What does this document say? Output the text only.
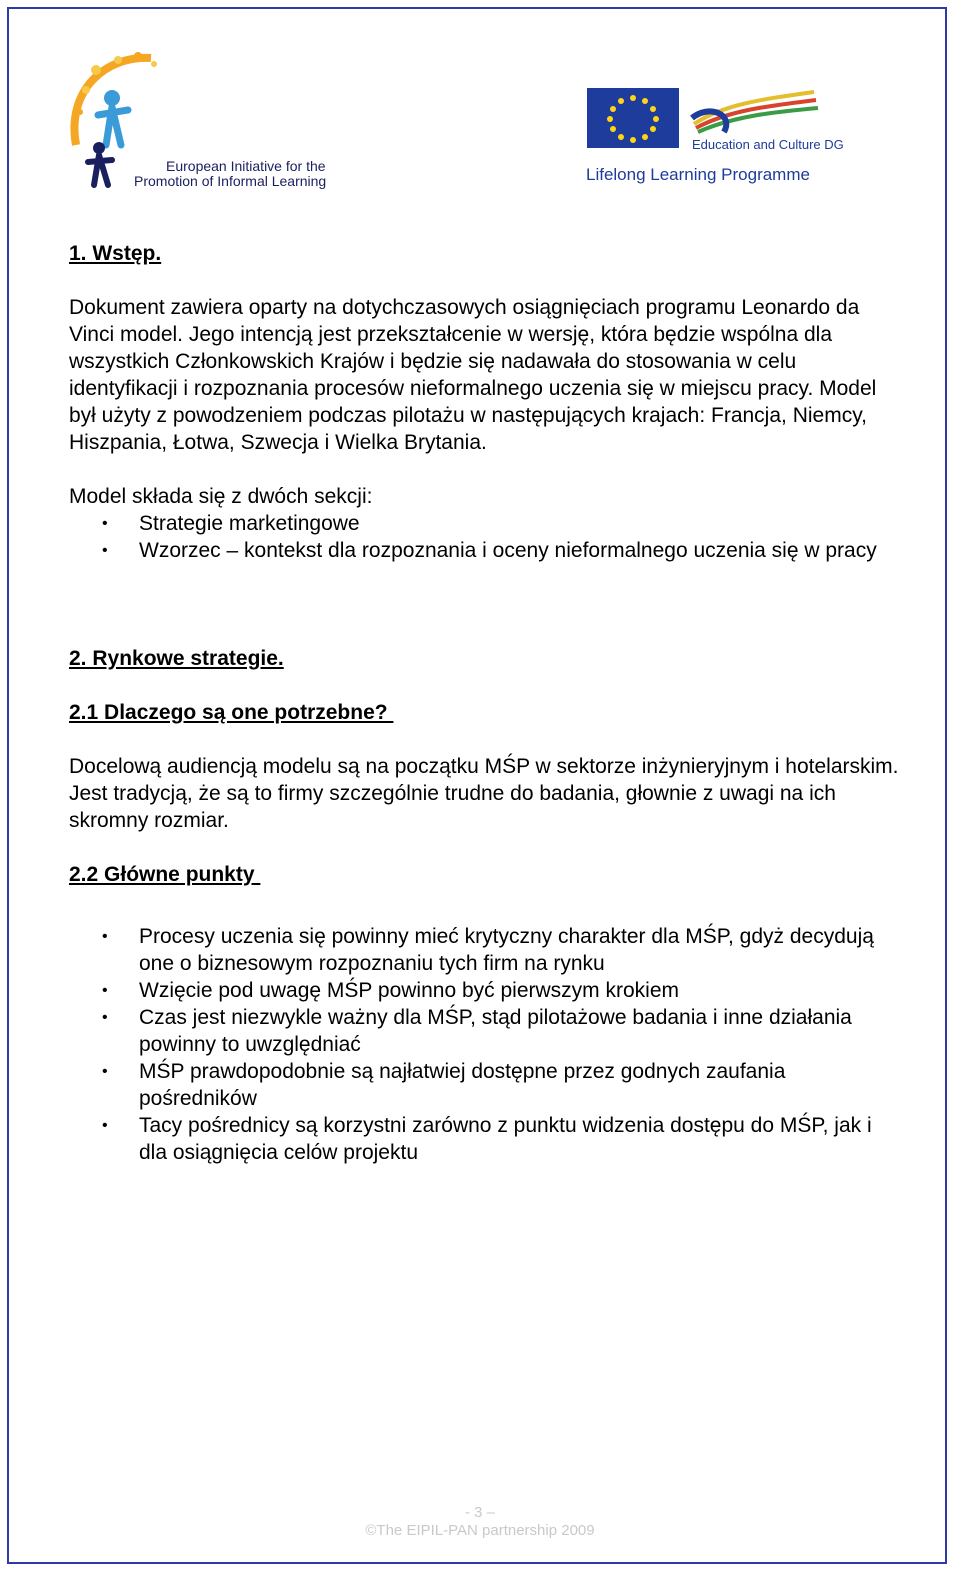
European Initiative for the
Promotion of Informal Learning
Education and Culture DG
Lifelong Learning Programme
1. Wstęp.

Dokument zawiera oparty na dotychczasowych osiągnięciach programu Leonardo da Vinci model. Jego intencją jest przekształcenie w wersję, która będzie wspólna dla wszystkich Członkowskich Krajów i będzie się nadawała do stosowania w celu identyfikacji i rozpoznania procesów nieformalnego uczenia się w miejscu pracy. Model był użyty z powodzeniem podczas pilotażu w następujących krajach: Francja, Niemcy, Hiszpania, Łotwa, Szwecja i Wielka Brytania.

Model składa się z dwóch sekcji:

• Strategie marketingowe
• Wzorzec – kontekst dla rozpoznania i oceny nieformalnego uczenia się w pracy
2. Rynkowe strategie.
2.1 Dlaczego są one potrzebne?

Docelową audiencją modelu są na początku MŚP w sektorze inżynieryjnym i hotelarskim. Jest tradycją, że są to firmy szczególnie trudne do badania, głownie z uwagi na ich skromny rozmiar.

2.2 Główne punkty
• Procesy uczenia się powinny mieć krytyczny charakter dla MŚP, gdyż decydują one o biznesowym rozpoznaniu tych firm na rynku
• Wzięcie pod uwagę MŚP powinno być pierwszym krokiem
• Czas jest niezwykle ważny dla MŚP, stąd pilotażowe badania i inne działania powinny to uwzględniać
• MŚP prawdopodobnie są najłatwiej dostępne przez godnych zaufania pośredników
• Tacy pośrednicy są korzystni zarówno z punktu widzenia dostępu do MŚP, jak i dla osiągnięcia celów projektu
- 3 –
©The EIPIL-PAN partnership 2009
